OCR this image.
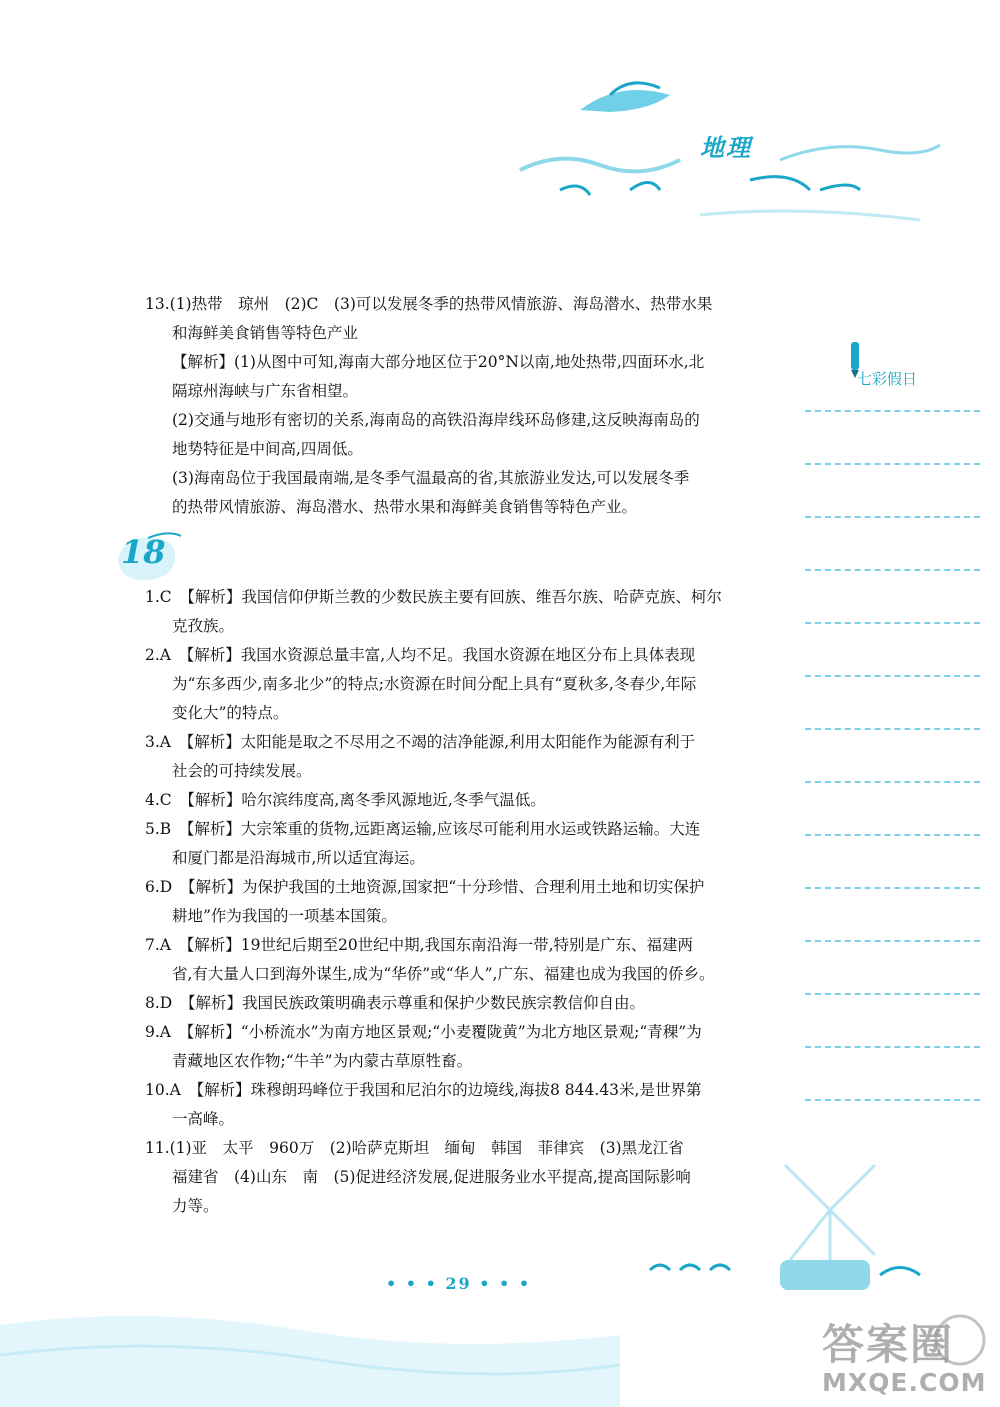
地理
七彩假日

13.(1)热带　琼州　(2)C　(3)可以发展冬季的热带风情旅游、海岛潜水、热带水果

和海鲜美食销售等特色产业

【解析】(1)从图中可知,海南大部分地区位于20°N以南,地处热带,四面环水,北

隔琼州海峡与广东省相望。

(2)交通与地形有密切的关系,海南岛的高铁沿海岸线环岛修建,这反映海南岛的

地势特征是中间高,四周低。

(3)海南岛位于我国最南端,是冬季气温最高的省,其旅游业发达,可以发展冬季

的热带风情旅游、海岛潜水、热带水果和海鲜美食销售等特色产业。

18

1.C　【解析】我国信仰伊斯兰教的少数民族主要有回族、维吾尔族、哈萨克族、柯尔

克孜族。

2.A　【解析】我国水资源总量丰富,人均不足。我国水资源在地区分布上具体表现

为“东多西少,南多北少”的特点;水资源在时间分配上具有“夏秋多,冬春少,年际

变化大”的特点。

3.A　【解析】太阳能是取之不尽用之不竭的洁净能源,利用太阳能作为能源有利于

社会的可持续发展。

4.C　【解析】哈尔滨纬度高,离冬季风源地近,冬季气温低。

5.B　【解析】大宗笨重的货物,远距离运输,应该尽可能利用水运或铁路运输。大连

和厦门都是沿海城市,所以适宜海运。

6.D　【解析】为保护我国的土地资源,国家把“十分珍惜、合理利用土地和切实保护

耕地”作为我国的一项基本国策。

7.A　【解析】19世纪后期至20世纪中期,我国东南沿海一带,特别是广东、福建两

省,有大量人口到海外谋生,成为“华侨”或“华人”,广东、福建也成为我国的侨乡。

8.D　【解析】我国民族政策明确表示尊重和保护少数民族宗教信仰自由。

9.A　【解析】“小桥流水”为南方地区景观;“小麦覆陇黄”为北方地区景观;“青稞”为

青藏地区农作物;“牛羊”为内蒙古草原牲畜。

10.A　【解析】珠穆朗玛峰位于我国和尼泊尔的边境线,海拔8 844.43米,是世界第

一高峰。

11.(1)亚　太平　960万　(2)哈萨克斯坦　缅甸　韩国　菲律宾　(3)黑龙江省

福建省　(4)山东　南　(5)促进经济发展,促进服务业水平提高,提高国际影响

力等。

• • • 29 • • •
答案圈
MXQE.COM
